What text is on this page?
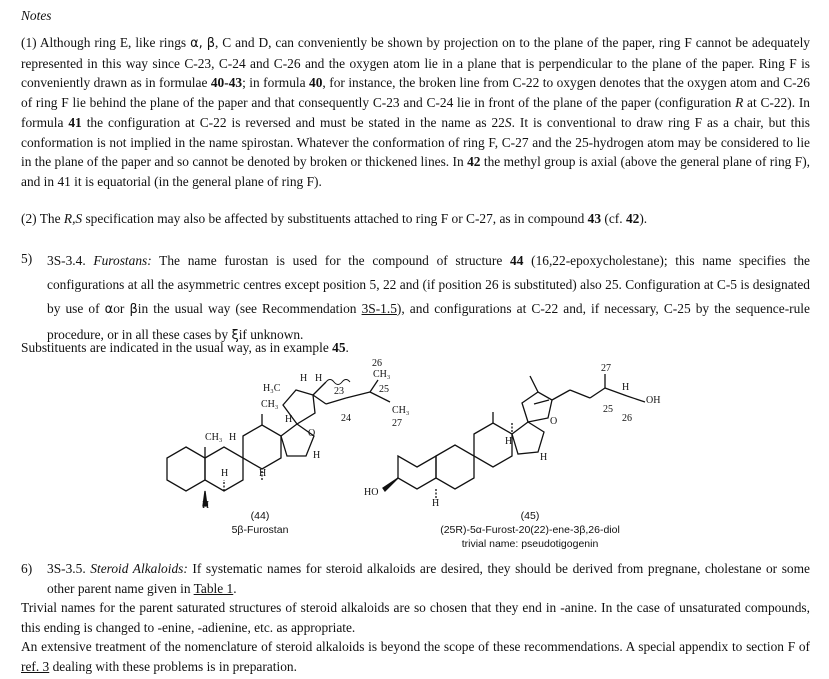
Notes

(1) Although ring E, like rings α, β, C and D, can conveniently be shown by projection on to the plane of the paper, ring F cannot be adequately represented in this way since C-23, C-24 and C-26 and the oxygen atom lie in a plane that is perpendicular to the plane of the paper. Ring F is conveniently drawn as in formulae 40-43; in formula 40, for instance, the broken line from C-22 to oxygen denotes that the oxygen atom and C-26 of ring F lie behind the plane of the paper and that consequently C-23 and C-24 lie in front of the plane of the paper (configuration R at C-22). In formula 41 the configuration at C-22 is reversed and must be stated in the name as 22S. It is conventional to draw ring F as a chair, but this conformation is not implied in the name spirostan. Whatever the conformation of ring F, C-27 and the 25-hydrogen atom may be considered to lie in the plane of the paper and so cannot be denoted by broken or thickened lines. In 42 the methyl group is axial (above the general plane of ring F), and in 41 it is equatorial (in the general plane of ring F).

(2) The R,S specification may also be affected by substituents attached to ring F or C-27, as in compound 43 (cf. 42).

5) 3S-3.4. Furostans: The name furostan is used for the compound of structure 44 (16,22-epoxycholestane); this name specifies the configurations at all the asymmetric centres except position 5, 22 and (if position 26 is substituted) also 25. Configuration at C-5 is designated by use of αor βin the usual way (see Recommendation 3S-1.5), and configurations at C-22 and, if necessary, C-25 by the sequence-rule procedure, or in all these cases by ξif unknown.

Substituents are indicated in the usual way, as in example 45.

H₃C
CH₃
H H
23
24
O
CH₃
25
CH₃
27
26
CH₃ H
H	H
H
H
H
HO
H
H
H
O
27
H
OH
25
26
(44)
5β-Furostan
(45)
(25R)-5α-Furost-20(22)-ene-3β,26-diol
trivial name: pseudotigogenin
6) 3S-3.5. Steroid Alkaloids: If systematic names for steroid alkaloids are desired, they should be derived from pregnane, cholestane or some other parent name given in Table 1.

Trivial names for the parent saturated structures of steroid alkaloids are so chosen that they end in -anine. In the case of unsaturated compounds, this ending is changed to -enine, -adienine, etc. as appropriate.

An extensive treatment of the nomenclature of steroid alkaloids is beyond the scope of these recommendations. A special appendix to section F of ref. 3 dealing with these problems is in preparation.
